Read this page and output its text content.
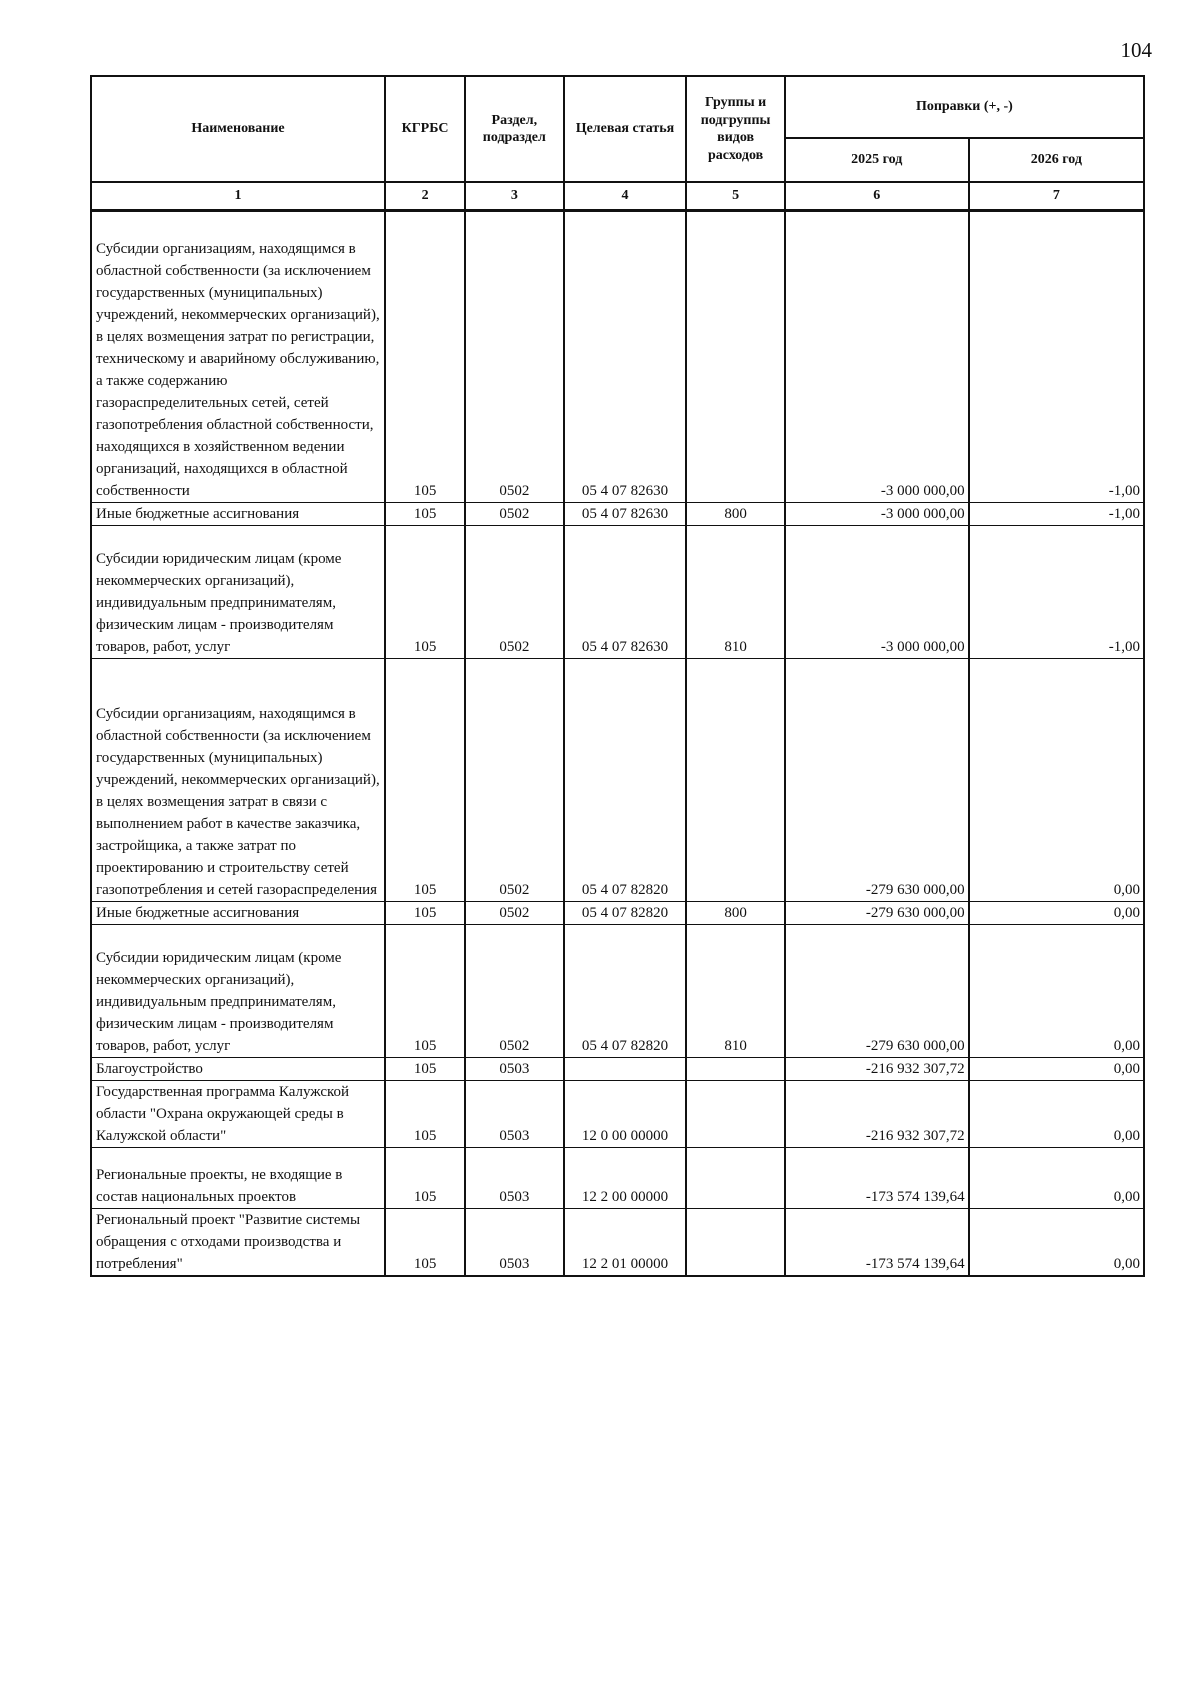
104
Наименование	КГРБС	Раздел, подраздел	Целевая статья	Группы и подгруппы видов расходов	Поправки (+, -)	
					2025 год	2026 год
1	2	3	4	5	6	7

Субсидии организациям, находящимся в областной собственности (за исключением государственных (муниципальных) учреждений, некоммерческих организаций), в целях возмещения затрат по регистрации, техническому и аварийному обслуживанию, а также содержанию газораспределительных сетей, сетей газопотребления областной собственности, находящихся в хозяйственном ведении организаций, находящихся в областной собственности	105	0502	05 4 07 82630		-3 000 000,00	-1,00

Иные бюджетные ассигнования	105	0502	05 4 07 82630	800	-3 000 000,00	-1,00

Субсидии юридическим лицам (кроме некоммерческих организаций), индивидуальным предпринимателям, физическим лицам - производителям товаров, работ, услуг	105	0502	05 4 07 82630	810	-3 000 000,00	-1,00

Субсидии организациям, находящимся в областной собственности (за исключением государственных (муниципальных) учреждений, некоммерческих организаций), в целях возмещения затрат в связи с выполнением работ в качестве заказчика, застройщика, а также затрат по проектированию и строительству сетей газопотребления и сетей газораспределения	105	0502	05 4 07 82820		-279 630 000,00	0,00

Иные бюджетные ассигнования	105	0502	05 4 07 82820	800	-279 630 000,00	0,00

Субсидии юридическим лицам (кроме некоммерческих организаций), индивидуальным предпринимателям, физическим лицам - производителям товаров, работ, услуг	105	0502	05 4 07 82820	810	-279 630 000,00	0,00

Благоустройство	105	0503			-216 932 307,72	0,00

Государственная программа Калужской области "Охрана окружающей среды в Калужской области"	105	0503	12 0 00 00000		-216 932 307,72	0,00

Региональные проекты, не входящие в состав национальных проектов	105	0503	12 2 00 00000		-173 574 139,64	0,00

Региональный проект "Развитие системы обращения с отходами производства и потребления"	105	0503	12 2 01 00000		-173 574 139,64	0,00
